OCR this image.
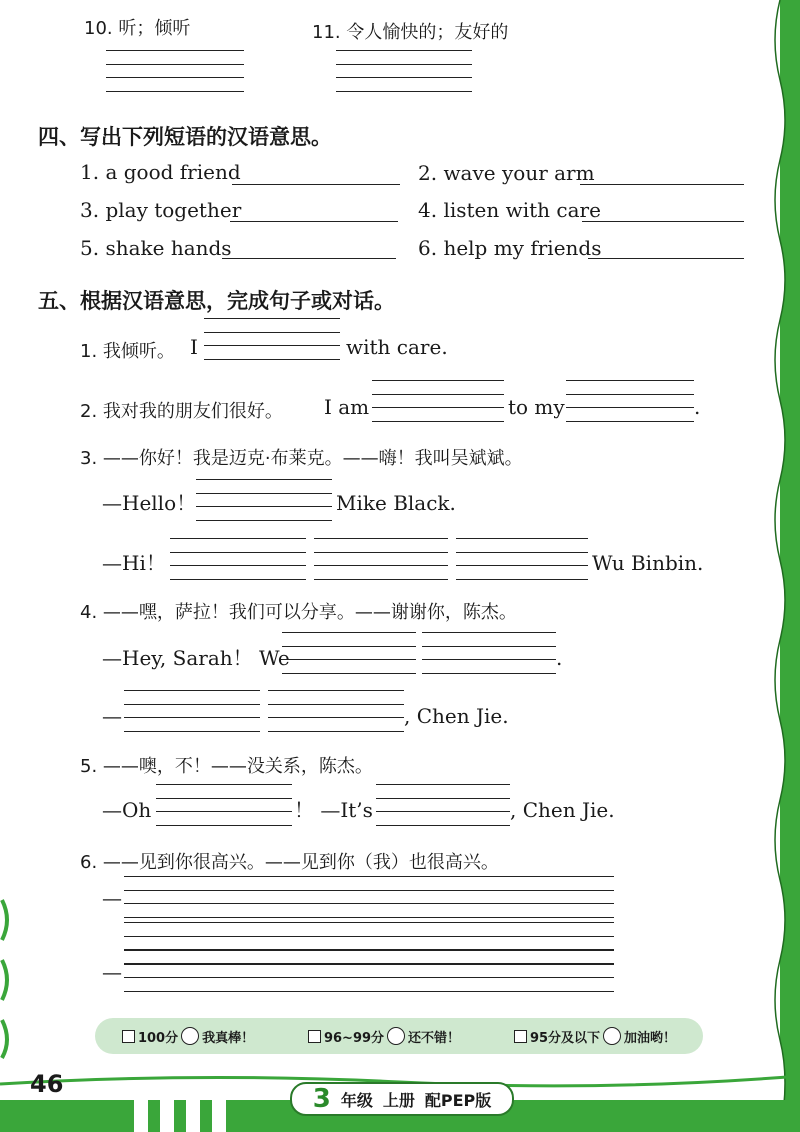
10. 听；倾听	11. 令人愉快的；友好的
四、写出下列短语的汉语意思。
1. a good friend	2. wave your arm
3. play together	4. listen with care
5. shake hands	6. help my friends
五、根据汉语意思，完成句子或对话。
1. 我倾听。 I	with care.
2. 我对我的朋友们很好。 I am	to my	.
3. ——你好！我是迈克·布莱克。——嗨！我叫吴斌斌。
—Hello！	Mike Black.
—Hi！	Wu Binbin.
4. ——嘿，萨拉！我们可以分享。——谢谢你，陈杰。
—Hey, Sarah！ We	.
—	, Chen Jie.
5. ——噢，不！——没关系，陈杰。
—Oh	！ —It’s	, Chen Jie.
6. ——见到你很高兴。——见到你（我）也很高兴。
—
—
100分 我真棒！	96~99分 还不错！	95分及以下 加油哟！
46	3 年级 上册 配PEP版
